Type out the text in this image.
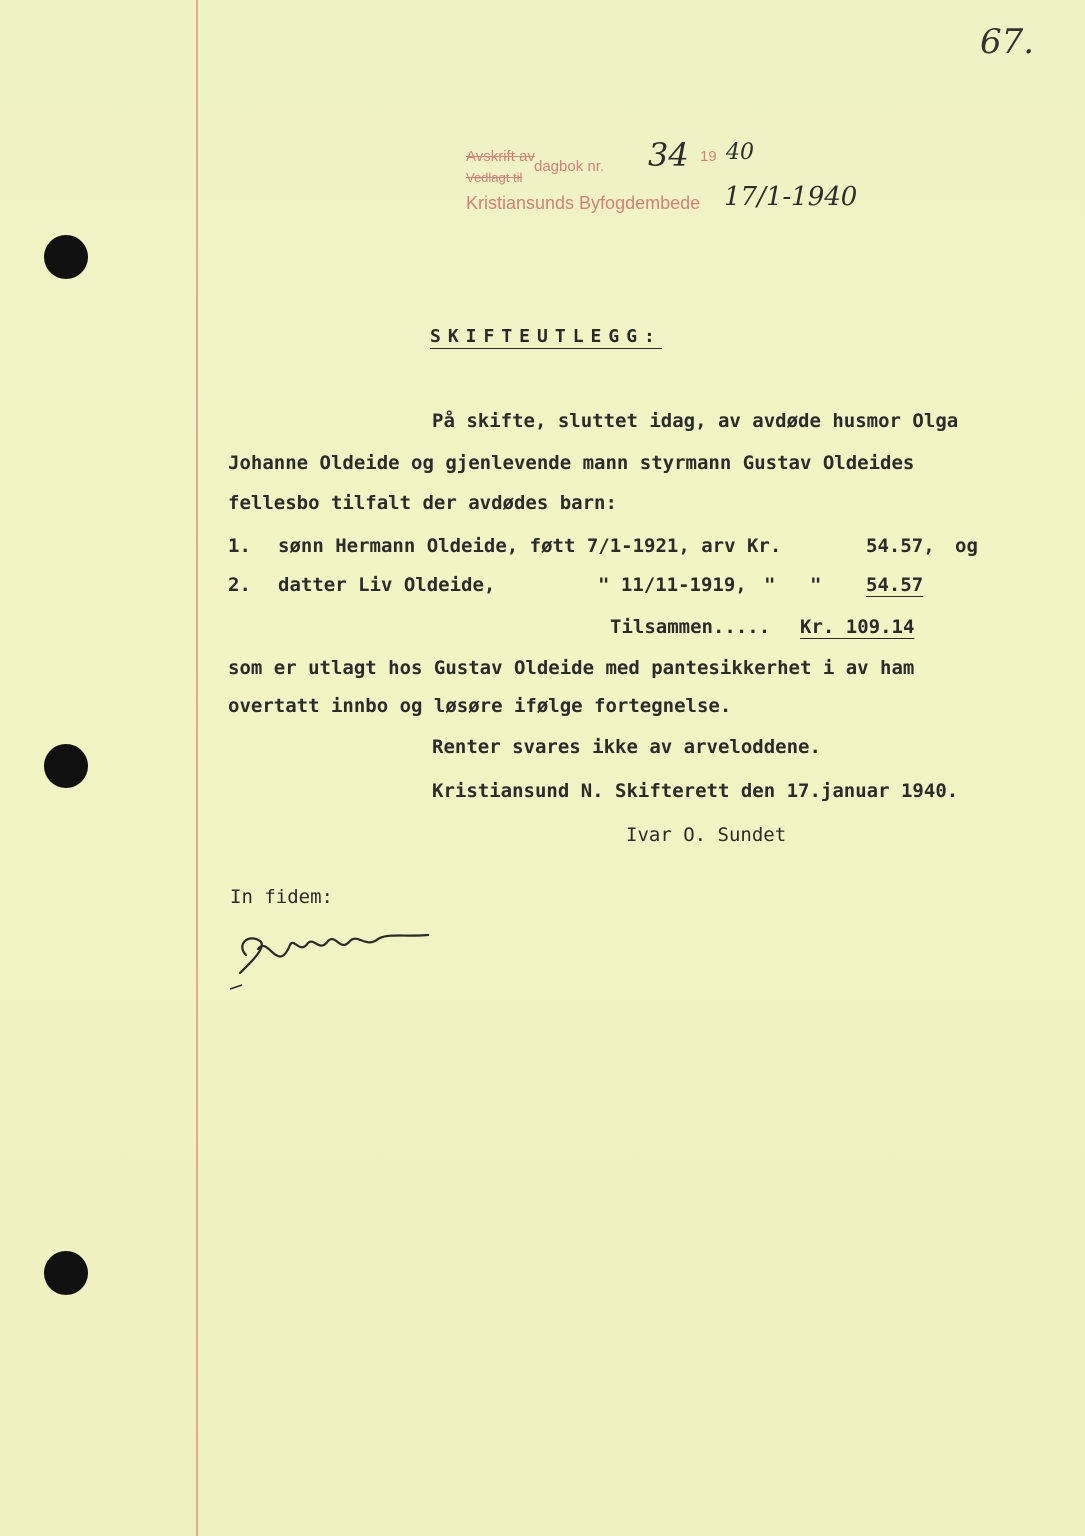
67.
Avskrift av
dagbok nr.
Vedlagt til
Kristiansunds Byfogdembede
34 19 40
17/1-1940
SKIFTEUTLEGG:
På skifte, sluttet idag, av avdøde husmor Olga
Johanne Oldeide og gjenlevende mann styrmann Gustav Oldeides
fellesbo tilfalt der avdødes barn:
1. sønn Hermann Oldeide, føtt 7/1-1921, arv Kr.	54.57, og
2. datter Liv Oldeide,	" 11/11-1919, " " 54.57
Tilsammen..... Kr. 109.14
som er utlagt hos Gustav Oldeide med pantesikkerhet i av ham
overtatt innbo og løsøre ifølge fortegnelse.
Renter svares ikke av arveloddene.
Kristiansund N. Skifterett den 17.januar 1940.
Ivar O. Sundet
In fidem:
